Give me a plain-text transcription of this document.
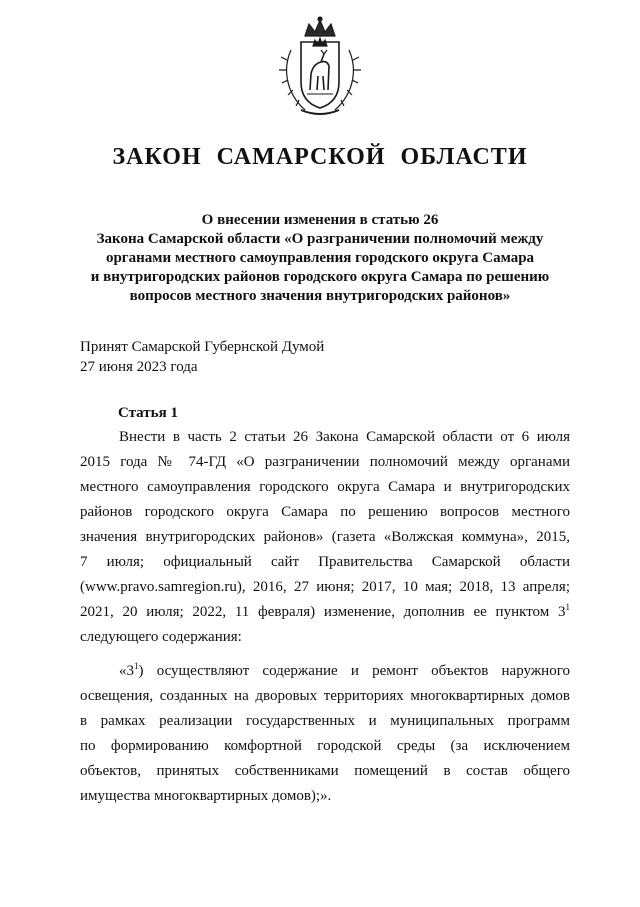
ЗАКОН САМАРСКОЙ ОБЛАСТИ
О внесении изменения в статью 26
Закона Самарской области «О разграничении полномочий между
органами местного самоуправления городского округа Самара
и внутригородских районов городского округа Самара по решению
вопросов местного значения внутригородских районов»
Принят Самарской Губернской Думой
27 июня 2023 года
Статья 1
Внести в часть 2 статьи 26 Закона Самарской области от 6 июля
2015 года № 74-ГД «О разграничении полномочий между органами
местного самоуправления городского округа Самара и внутригородских
районов городского округа Самара по решению вопросов местного
значения внутригородских районов» (газета «Волжская коммуна», 2015,
7 июля; официальный сайт Правительства Самарской области
(www.pravo.samregion.ru), 2016, 27 июня; 2017, 10 мая; 2018, 13 апреля;
2021, 20 июля; 2022, 11 февраля) изменение, дополнив ее пунктом $3^1$
следующего содержания:
«$3^1$) осуществляют содержание и ремонт объектов наружного
освещения, созданных на дворовых территориях многоквартирных домов
в рамках реализации государственных и муниципальных программ
по формированию комфортной городской среды (за исключением
объектов, принятых собственниками помещений в состав общего
имущества многоквартирных домов);».
